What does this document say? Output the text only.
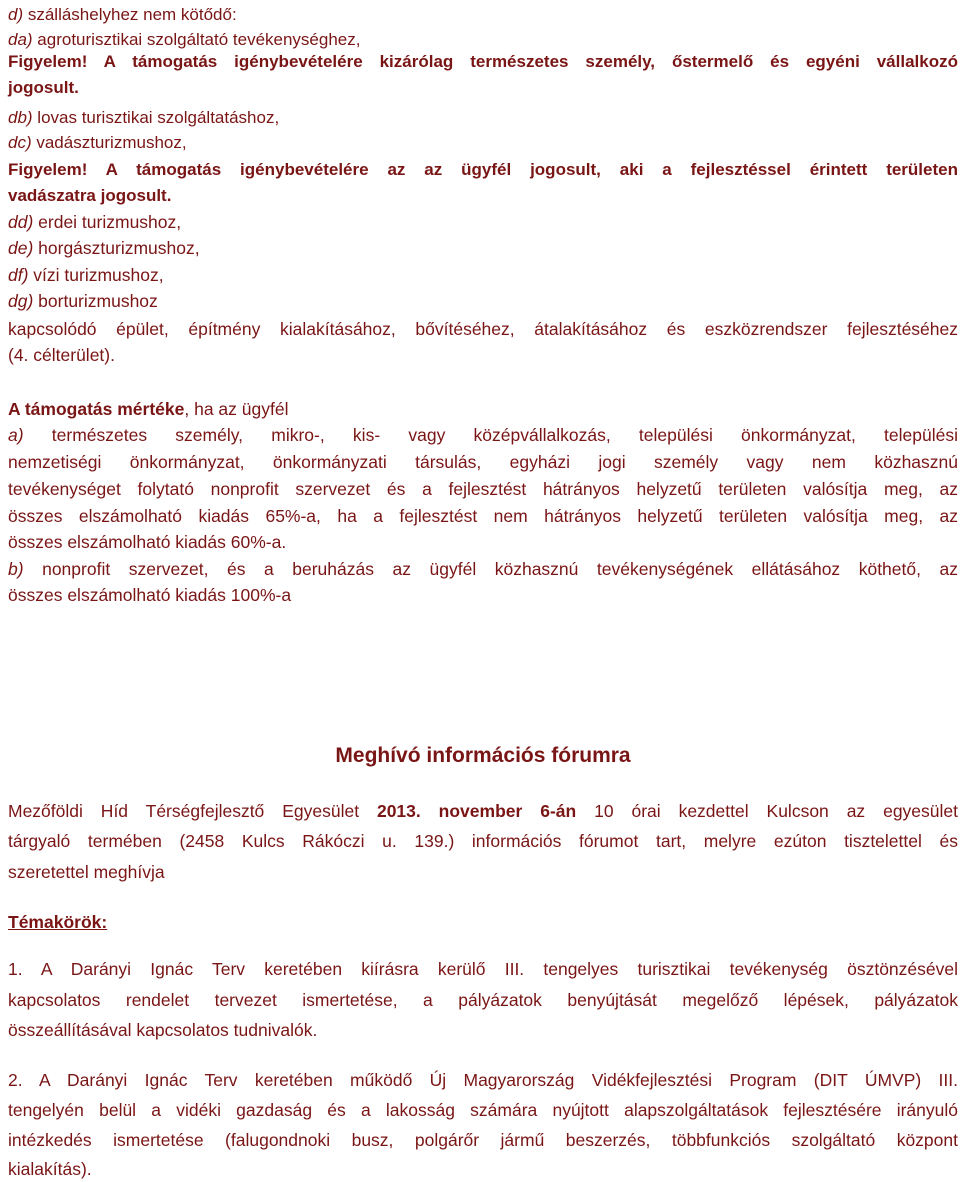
d) szálláshelyhez nem kötődő:
da) agroturisztikai szolgáltató tevékenységhez,
Figyelem! A támogatás igénybevételére kizárólag természetes személy, őstermelő és egyéni vállalkozó
jogosult.
db) lovas turisztikai szolgáltatáshoz,
dc) vadászturizmushoz,
Figyelem! A támogatás igénybevételére az az ügyfél jogosult, aki a fejlesztéssel érintett területen
vadászatra jogosult.
dd) erdei turizmushoz,
de) horgászturizmushoz,
df) vízi turizmushoz,
dg) borturizmushoz
kapcsolódó épület, építmény kialakításához, bővítéséhez, átalakításához és eszközrendszer fejlesztéséhez
(4. célterület).
A támogatás mértéke, ha az ügyfél
a) természetes személy, mikro-, kis- vagy középvállalkozás, települési önkormányzat, települési
nemzetiségi önkormányzat, önkormányzati társulás, egyházi jogi személy vagy nem közhasznú
tevékenységet folytató nonprofit szervezet és a fejlesztést hátrányos helyzetű területen valósítja meg, az
összes elszámolható kiadás 65%-a, ha a fejlesztést nem hátrányos helyzetű területen valósítja meg, az
összes elszámolható kiadás 60%-a.
b) nonprofit szervezet, és a beruházás az ügyfél közhasznú tevékenységének ellátásához köthető, az
összes elszámolható kiadás 100%-a
Meghívó információs fórumra
Mezőföldi Híd Térségfejlesztő Egyesület 2013. november 6-án 10 órai kezdettel Kulcson az egyesület
tárgyaló termében (2458 Kulcs Rákóczi u. 139.) információs fórumot tart, melyre ezúton tisztelettel és
szeretettel meghívja
Témakörök:
1. A Darányi Ignác Terv keretében kiírásra kerülő III. tengelyes turisztikai tevékenység ösztönzésével
kapcsolatos rendelet tervezet ismertetése, a pályázatok benyújtását megelőző lépések, pályázatok
összeállításával kapcsolatos tudnivalók.
2. A Darányi Ignác Terv keretében működő Új Magyarország Vidékfejlesztési Program (DIT ÚMVP) III.
tengelyén belül a vidéki gazdaság és a lakosság számára nyújtott alapszolgáltatások fejlesztésére irányuló
intézkedés ismertetése (falugondnoki busz, polgárőr jármű beszerzés, többfunkciós szolgáltató központ
kialakítás).
